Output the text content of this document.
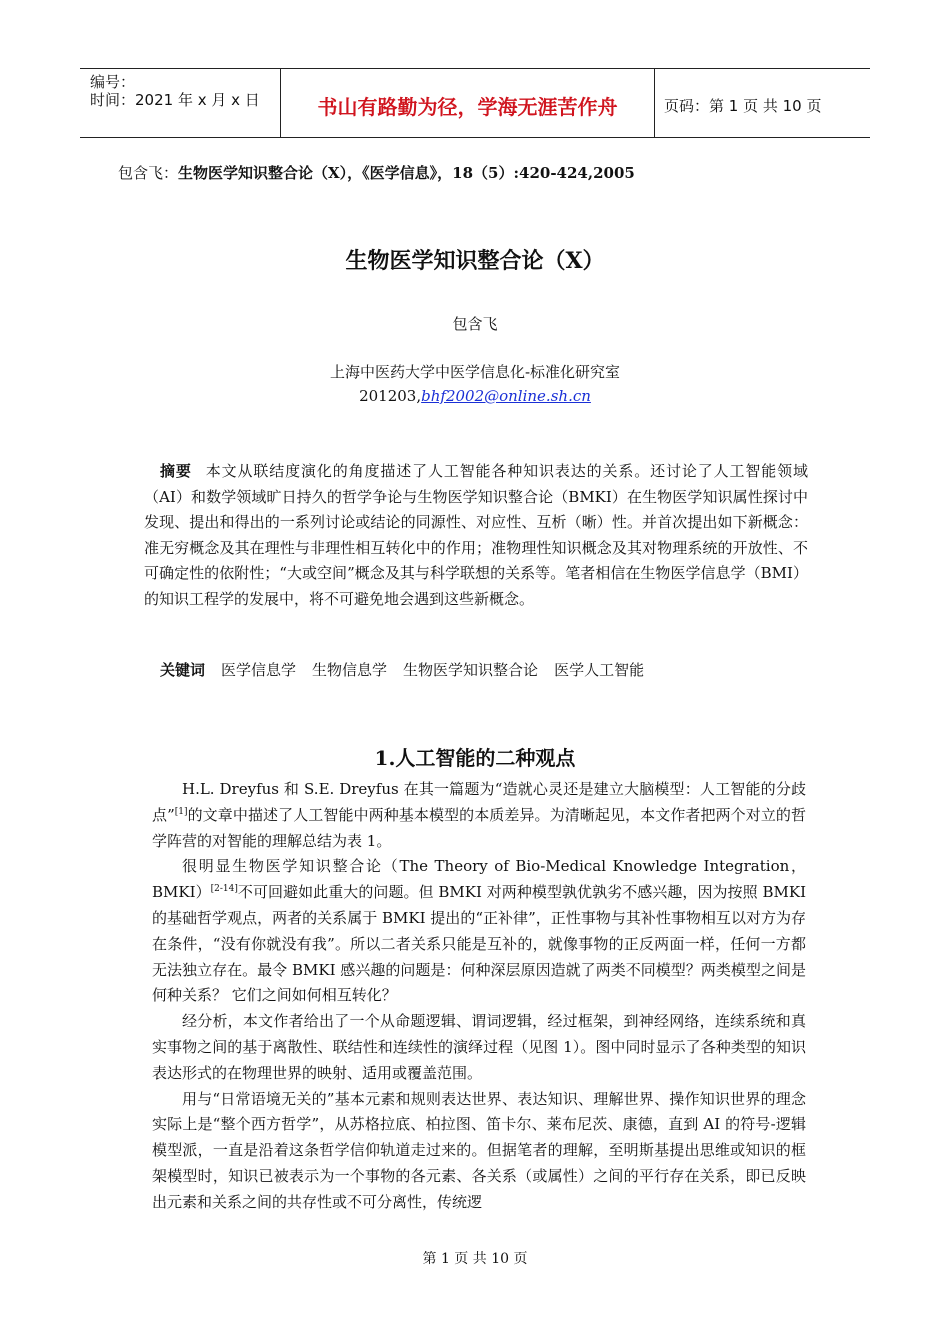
编号：
时间：2021 年 x 月 x 日	书山有路勤为径，学海无涯苦作舟	页码：第 1 页 共 10 页
包含飞：生物医学知识整合论（X），《医学信息》，18（5）:420-424,2005
生物医学知识整合论（X）
包含飞
上海中医药大学中医学信息化-标准化研究室
201203,bhf2002@online.sh.cn
摘要 本文从联结度演化的角度描述了人工智能各种知识表达的关系。还讨论了人工智能领域（AI）和数学领域旷日持久的哲学争论与生物医学知识整合论（BMKI）在生物医学知识属性探讨中发现、提出和得出的一系列讨论或结论的同源性、对应性、互析（晰）性。并首次提出如下新概念：准无穷概念及其在理性与非理性相互转化中的作用；准物理性知识概念及其对物理系统的开放性、不可确定性的依附性；“大或空间”概念及其与科学联想的关系等。笔者相信在生物医学信息学（BMI）的知识工程学的发展中，将不可避免地会遇到这些新概念。
关键词 医学信息学 生物信息学 生物医学知识整合论 医学人工智能
1.人工智能的二种观点

H.L. Dreyfus 和 S.E. Dreyfus 在其一篇题为“造就心灵还是建立大脑模型：人工智能的分歧点”[1]的文章中描述了人工智能中两种基本模型的本质差异。为清晰起见，本文作者把两个对立的哲学阵营的对智能的理解总结为表 1。

很明显生物医学知识整合论（The Theory of Bio-Medical Knowledge Integration，BMKI）[2-14]不可回避如此重大的问题。但 BMKI 对两种模型孰优孰劣不感兴趣，因为按照 BMKI 的基础哲学观点，两者的关系属于 BMKI 提出的“正补律”，正性事物与其补性事物相互以对方为存在条件，“没有你就没有我”。所以二者关系只能是互补的，就像事物的正反两面一样，任何一方都无法独立存在。最令 BMKI 感兴趣的问题是：何种深层原因造就了两类不同模型？两类模型之间是何种关系？ 它们之间如何相互转化？

经分析，本文作者给出了一个从命题逻辑、谓词逻辑，经过框架，到神经网络，连续系统和真实事物之间的基于离散性、联结性和连续性的演绎过程（见图 1）。图中同时显示了各种类型的知识表达形式的在物理世界的映射、适用或覆盖范围。

用与“日常语境无关的”基本元素和规则表达世界、表达知识、理解世界、操作知识世界的理念实际上是“整个西方哲学”，从苏格拉底、柏拉图、笛卡尔、莱布尼茨、康德，直到 AI 的符号-逻辑模型派，一直是沿着这条哲学信仰轨道走过来的。但据笔者的理解，至明斯基提出思维或知识的框架模型时，知识已被表示为一个事物的各元素、各关系（或属性）之间的平行存在关系，即已反映出元素和关系之间的共存性或不可分离性，传统逻

第 1 页 共 10 页
